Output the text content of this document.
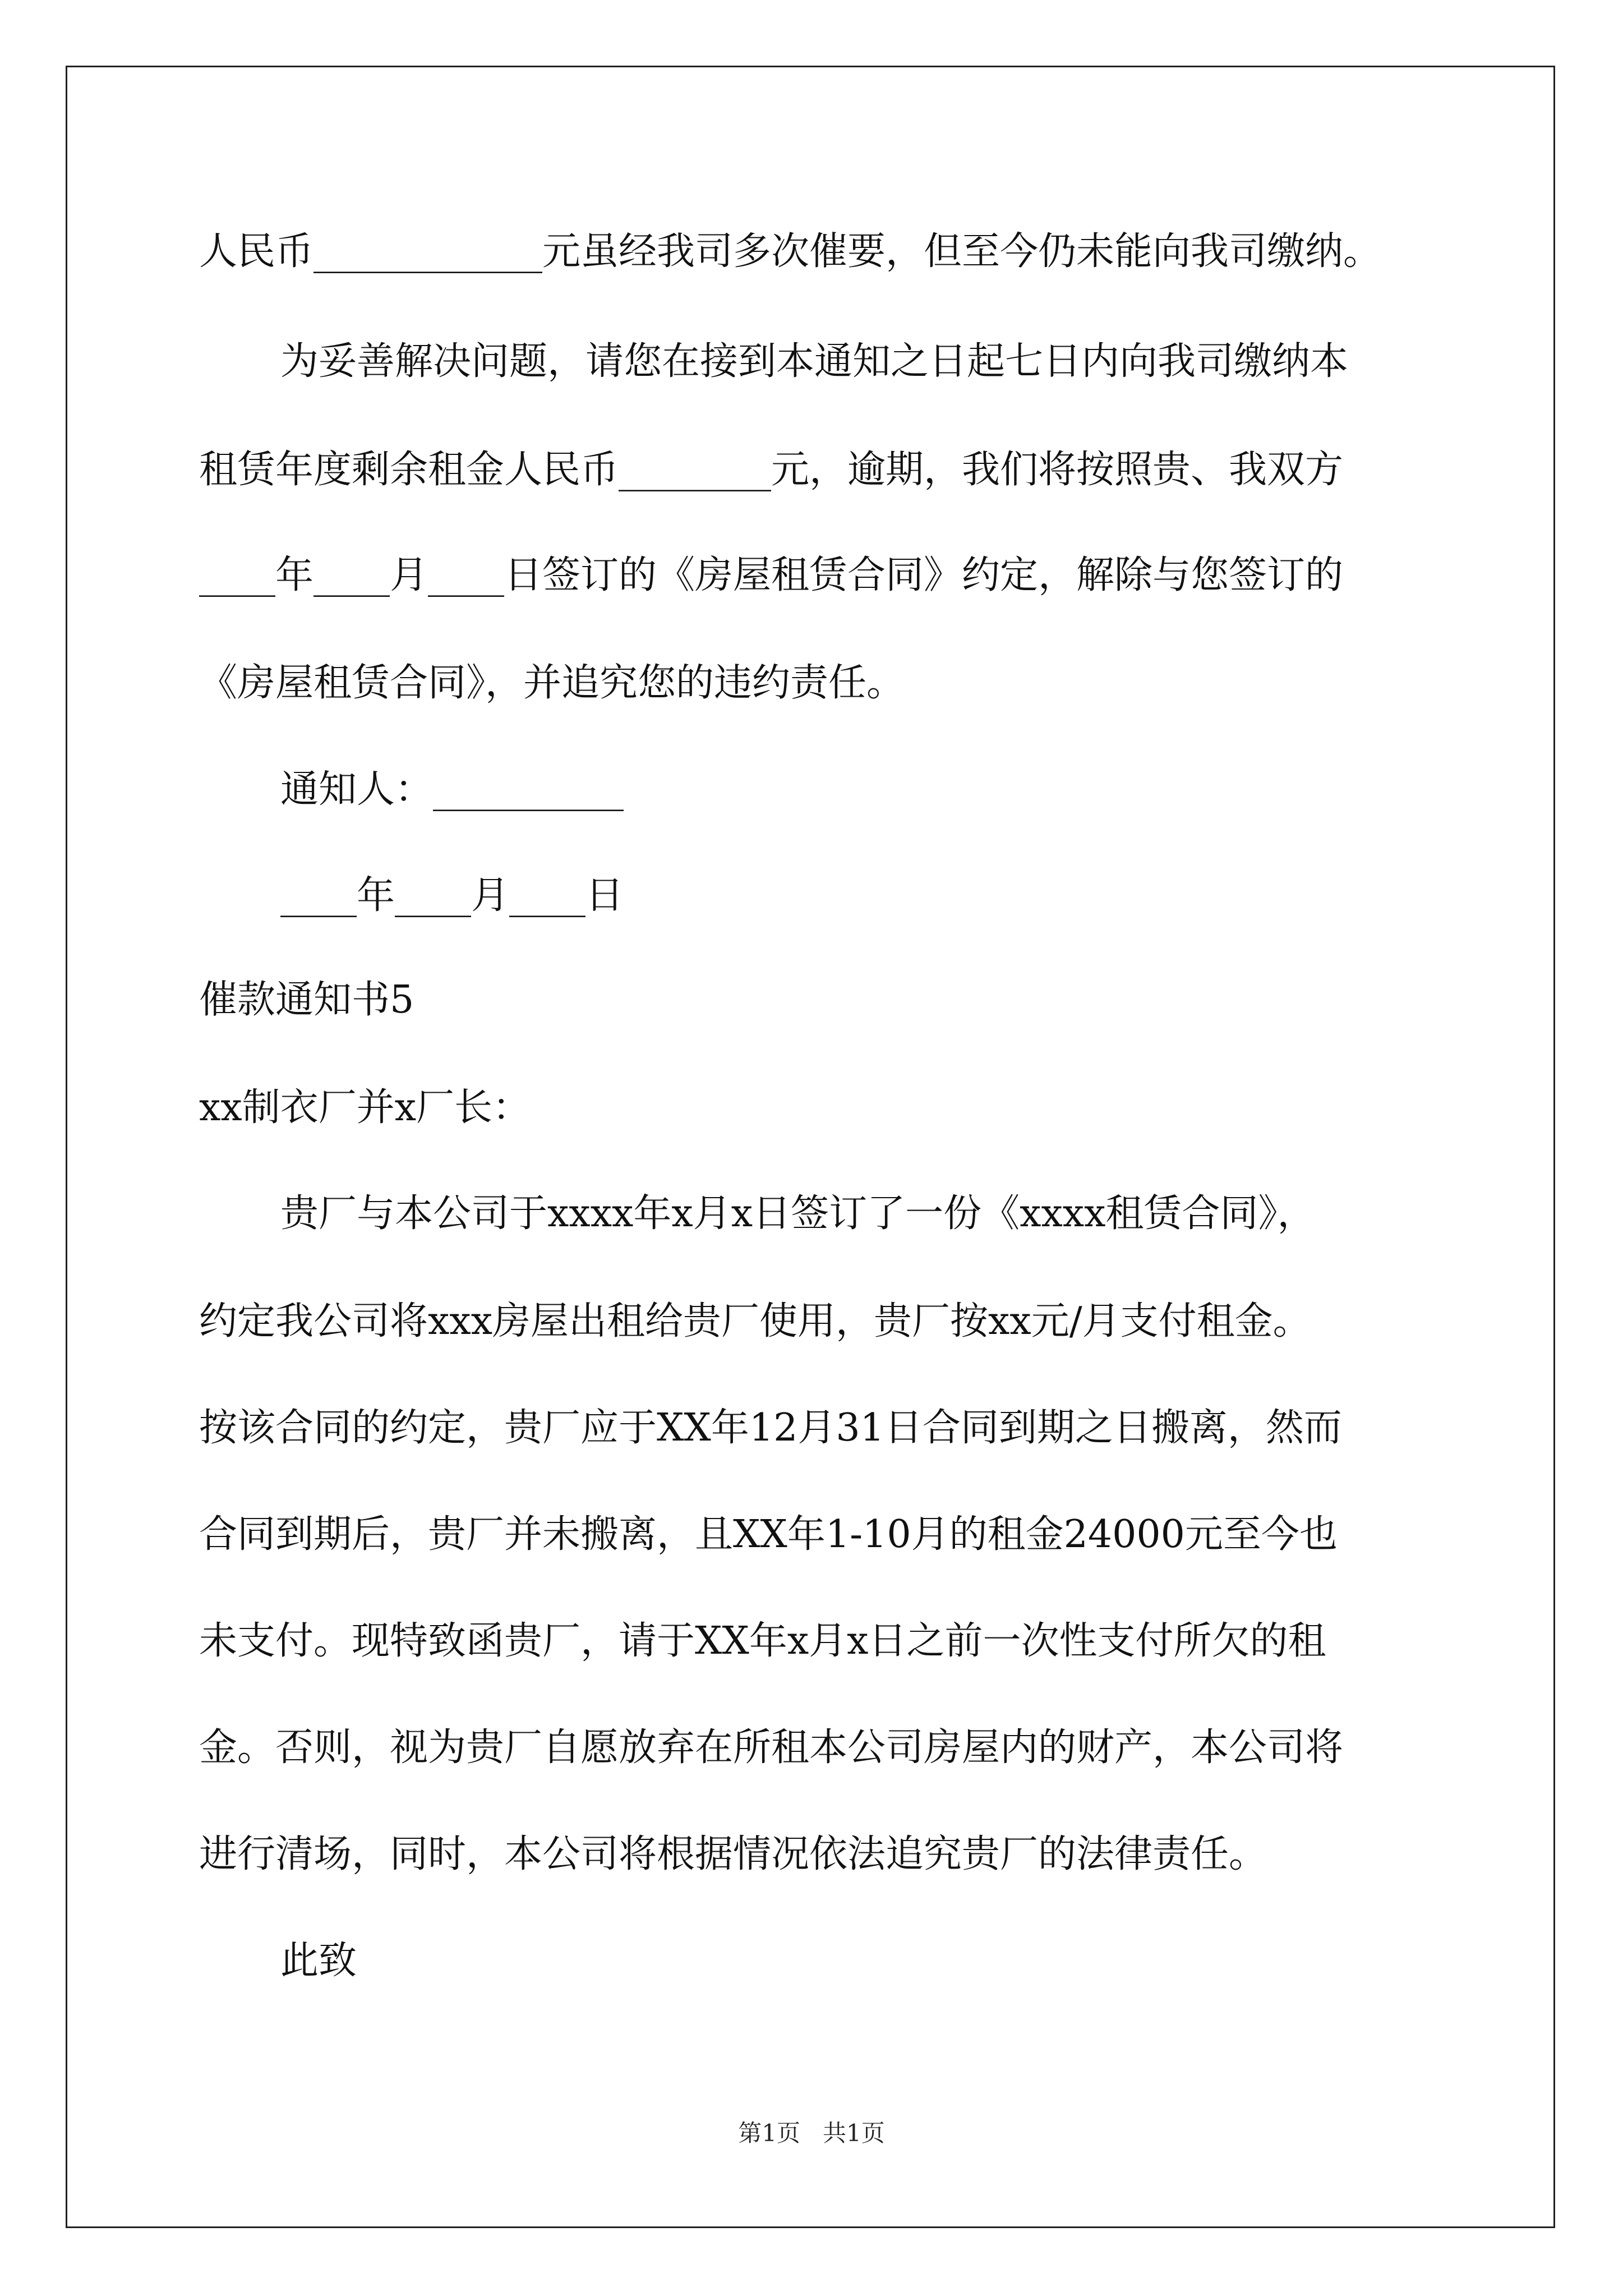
人民币____________元虽经我司多次催要，但至今仍未能向我司缴纳。
为妥善解决问题，请您在接到本通知之日起七日内向我司缴纳本
租赁年度剩余租金人民币________元，逾期，我们将按照贵、我双方
____年____月____日签订的《房屋租赁合同》约定，解除与您签订的
《房屋租赁合同》，并追究您的违约责任。
通知人：__________
____年____月____日
催款通知书5
xx制衣厂并x厂长：
贵厂与本公司于xxxx年x月x日签订了一份《xxxx租赁合同》，
约定我公司将xxx房屋出租给贵厂使用，贵厂按xx元/月支付租金。
按该合同的约定，贵厂应于XX年12月31日合同到期之日搬离，然而
合同到期后，贵厂并未搬离，且XX年1-10月的租金24000元至今也
未支付。现特致函贵厂，请于XX年x月x日之前一次性支付所欠的租
金。否则，视为贵厂自愿放弃在所租本公司房屋内的财产，本公司将
进行清场，同时，本公司将根据情况依法追究贵厂的法律责任。
此致
第1页   共1页
